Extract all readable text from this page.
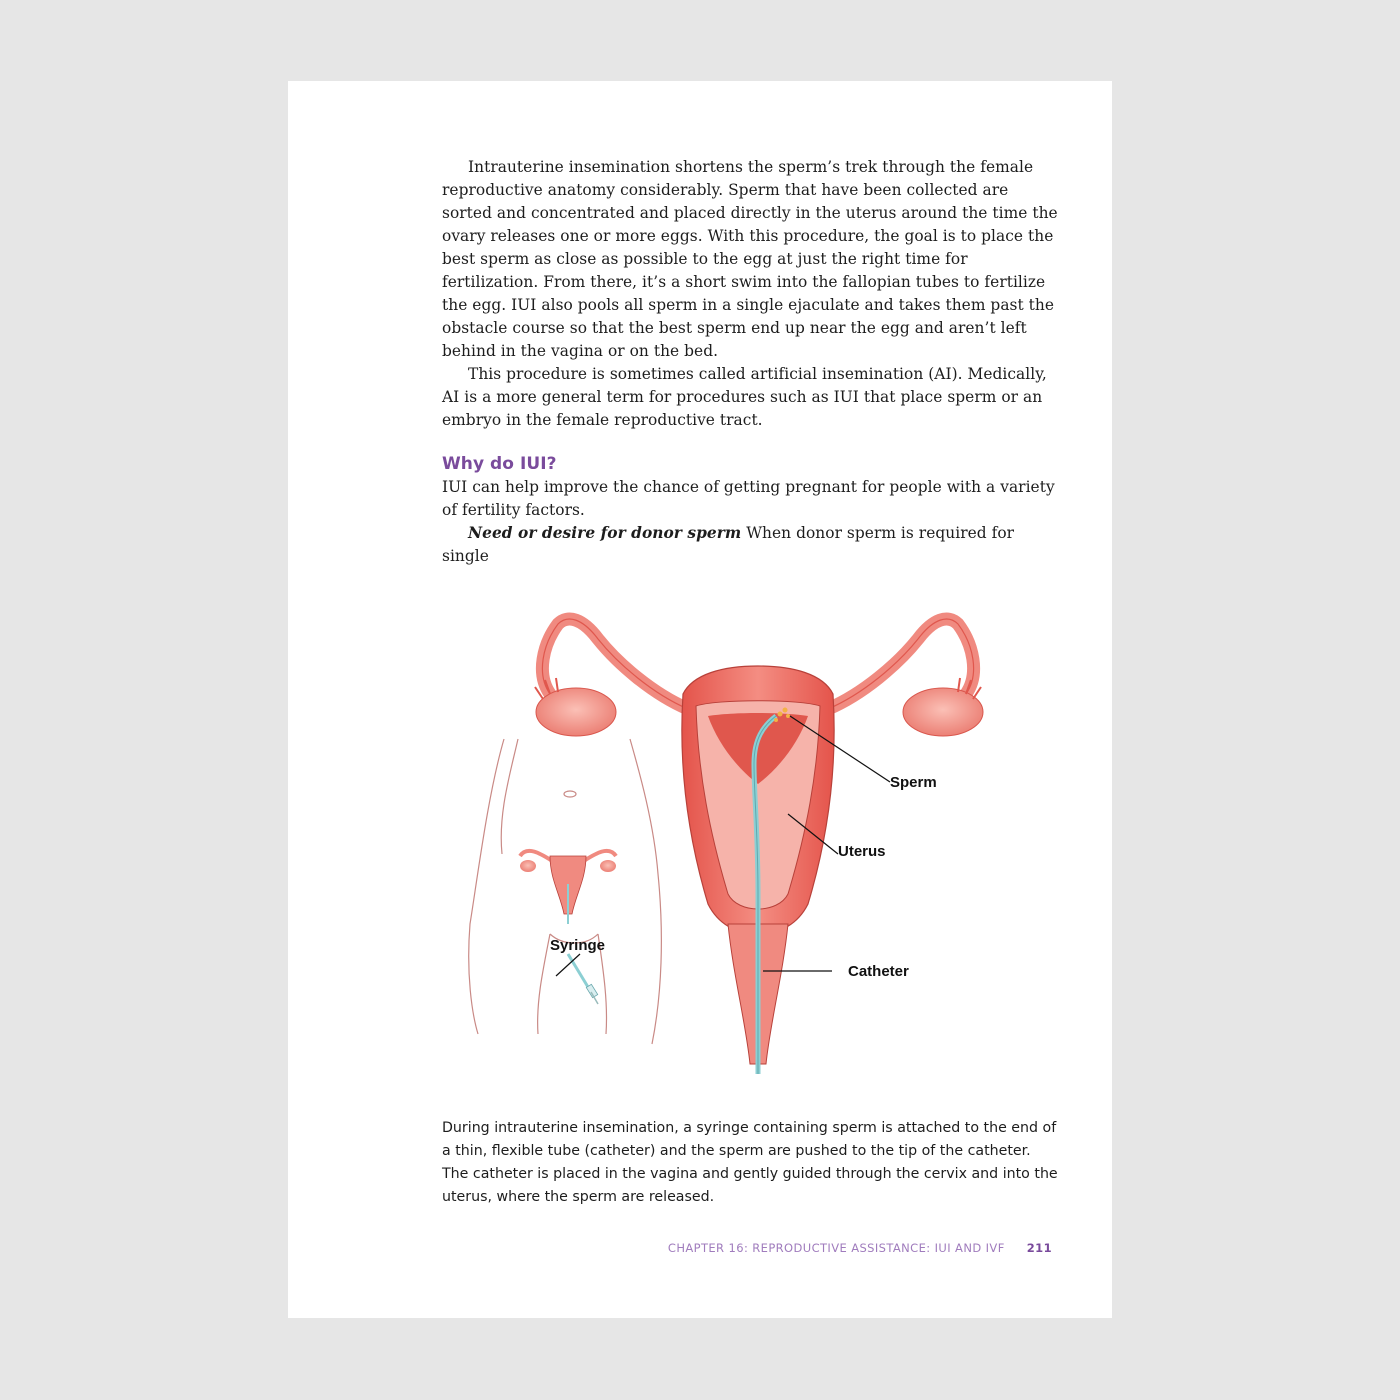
Intrauterine insemination shortens the sperm’s trek through the female reproductive anatomy considerably. Sperm that have been collected are sorted and concentrated and placed directly in the uterus around the time the ovary releases one or more eggs. With this procedure, the goal is to place the best sperm as close as possible to the egg at just the right time for fertilization. From there, it’s a short swim into the fallopian tubes to fertilize the egg. IUI also pools all sperm in a single ejaculate and takes them past the obstacle course so that the best sperm end up near the egg and aren’t left behind in the vagina or on the bed.

This procedure is sometimes called artificial insemination (AI). Medically, AI is a more general term for procedures such as IUI that place sperm or an embryo in the female reproductive tract.

Why do IUI?

IUI can help improve the chance of getting pregnant for people with a variety of fertility factors.

Need or desire for donor sperm When donor sperm is required for single

Sperm
Uterus
Catheter
Syringe

During intrauterine insemination, a syringe containing sperm is attached to the end of a thin, flexible tube (catheter) and the sperm are pushed to the tip of the catheter. The catheter is placed in the vagina and gently guided through the cervix and into the uterus, where the sperm are released.

CHAPTER 16: REPRODUCTIVE ASSISTANCE: IUI AND IVF 211
